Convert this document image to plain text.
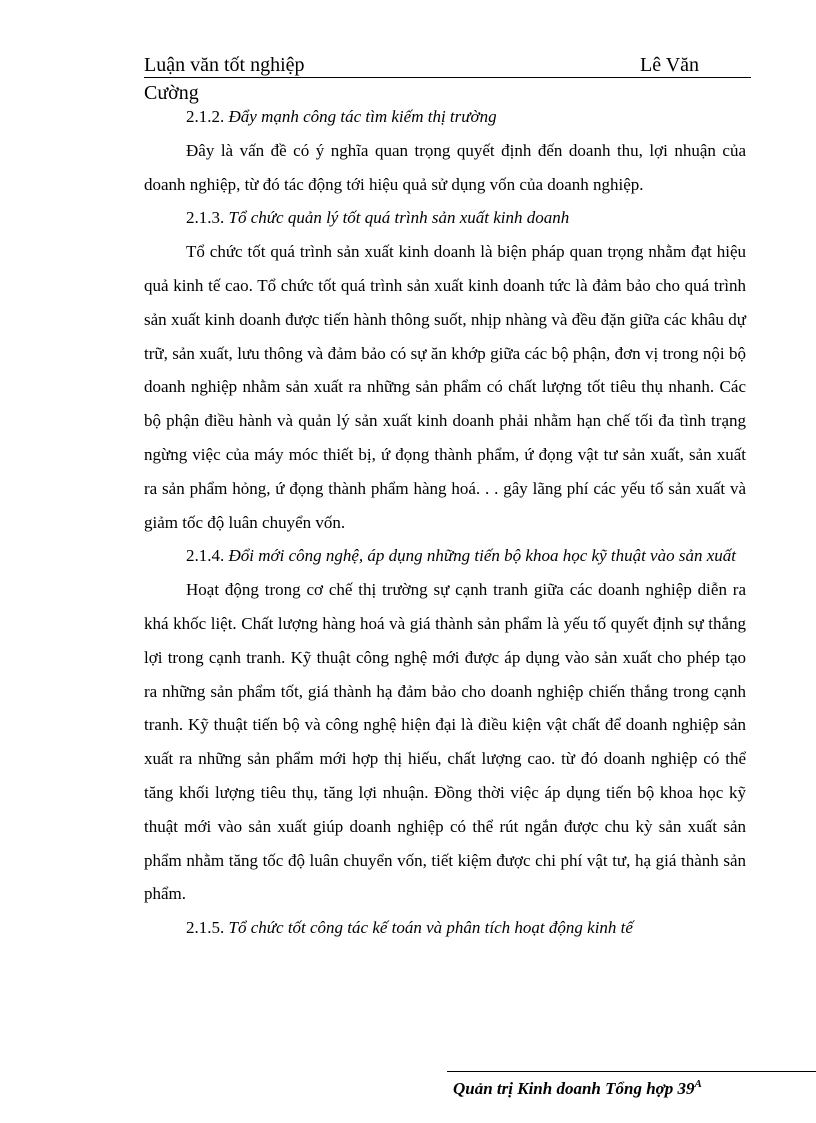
Luận văn tốt nghiệp	Lê Văn
Cường

2.1.2. Đẩy mạnh công tác tìm kiếm thị trường

Đây là vấn đề có ý nghĩa quan trọng quyết định đến doanh thu, lợi nhuận của doanh nghiệp, từ đó tác động tới hiệu quả sử dụng vốn của doanh nghiệp.

2.1.3. Tổ chức quản lý tốt quá trình sản xuất kinh doanh

Tổ chức tốt quá trình sản xuất kinh doanh là biện pháp quan trọng nhằm đạt hiệu quả kinh tế cao. Tổ chức tốt quá trình sản xuất kinh doanh tức là đảm bảo cho quá trình sản xuất kinh doanh được tiến hành thông suốt, nhịp nhàng và đều đặn giữa các khâu dự trữ, sản xuất, lưu thông và đảm bảo có sự ăn khớp giữa các bộ phận, đơn vị trong nội bộ doanh nghiệp nhằm sản xuất ra những sản phẩm có chất lượng tốt tiêu thụ nhanh. Các bộ phận điều hành và quản lý sản xuất kinh doanh phải nhằm hạn chế tối đa tình trạng ngừng việc của máy móc thiết bị, ứ đọng thành phẩm, ứ đọng vật tư sản xuất, sản xuất ra sản phẩm hỏng, ứ đọng thành phẩm hàng hoá. . . gây lãng phí các yếu tố sản xuất và giảm tốc độ luân chuyển vốn.

2.1.4. Đổi mới công nghệ, áp dụng những tiến bộ khoa học kỹ thuật vào sản xuất

Hoạt động trong cơ chế thị trường sự cạnh tranh giữa các doanh nghiệp diễn ra khá khốc liệt. Chất lượng hàng hoá và giá thành sản phẩm là yếu tố quyết định sự thắng lợi trong cạnh tranh. Kỹ thuật công nghệ mới được áp dụng vào sản xuất cho phép tạo ra những sản phẩm tốt, giá thành hạ đảm bảo cho doanh nghiệp chiến thắng trong cạnh tranh. Kỹ thuật tiến bộ và công nghệ hiện đại là điều kiện vật chất để doanh nghiệp sản xuất ra những sản phẩm mới hợp thị hiếu, chất lượng cao. từ đó doanh nghiệp có thể tăng khối lượng tiêu thụ, tăng lợi nhuận. Đồng thời việc áp dụng tiến bộ khoa học kỹ thuật mới vào sản xuất giúp doanh nghiệp có thể rút ngắn được chu kỳ sản xuất sản phẩm nhằm tăng tốc độ luân chuyển vốn, tiết kiệm được chi phí vật tư, hạ giá thành sản phẩm.

2.1.5. Tổ chức tốt công tác kế toán và phân tích hoạt động kinh tế

Quản trị Kinh doanh Tổng hợp $39^A$
